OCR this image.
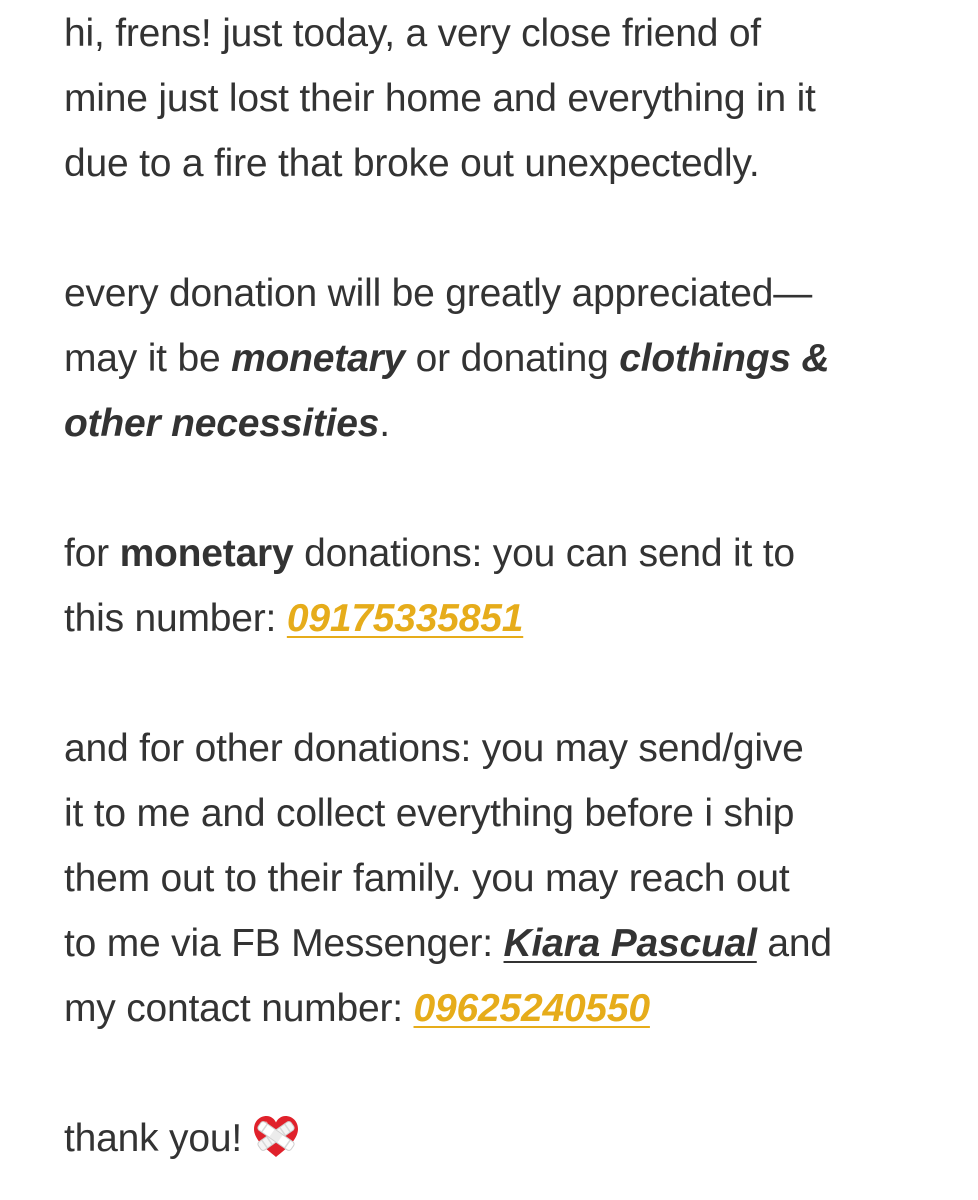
hi, frens! just today, a very close friend of
mine just lost their home and everything in it
due to a fire that broke out unexpectedly.
every donation will be greatly appreciated—
may it be monetary or donating clothings &
other necessities.
for monetary donations: you can send it to
this number: 09175335851
and for other donations: you may send/give
it to me and collect everything before i ship
them out to their family. you may reach out
to me via FB Messenger: Kiara Pascual and
my contact number: 09625240550
thank you!
